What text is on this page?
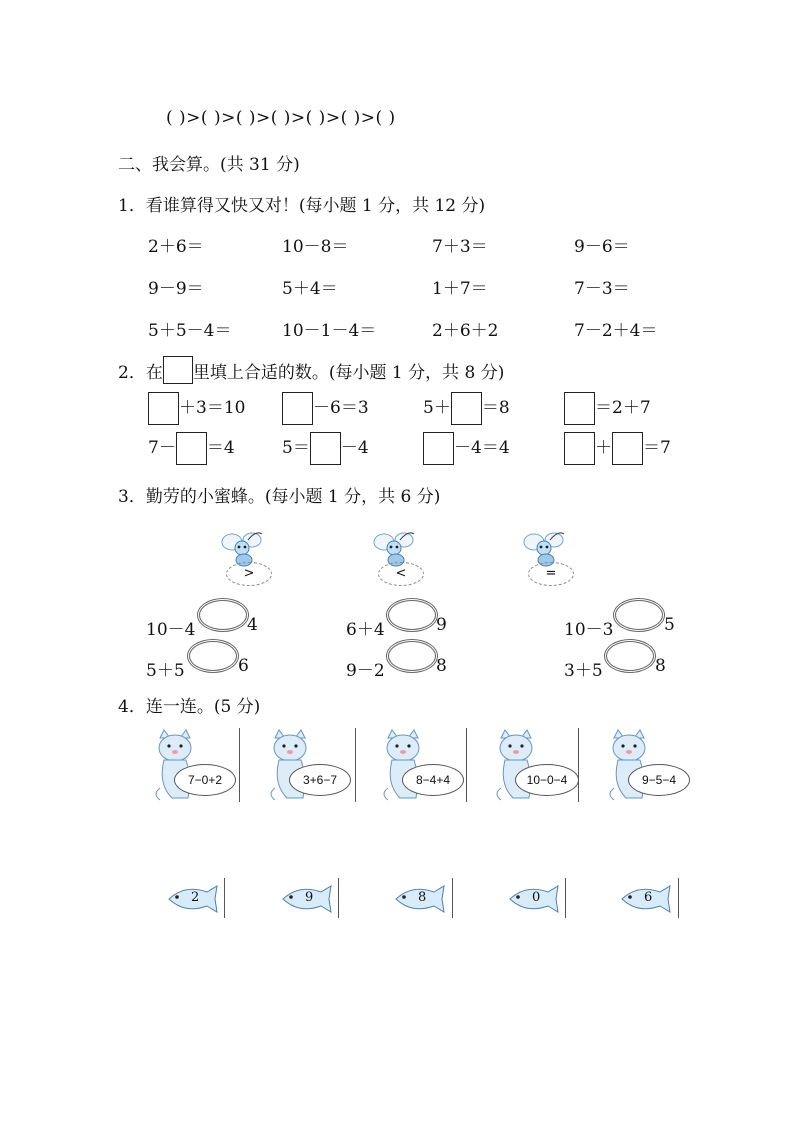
( )>( )>( )>( )>( )>( )>( )
二、我会算。(共 31 分)
1．看谁算得又快又对！(每小题 1 分，共 12 分)
2＋6＝	10－8＝	7＋3＝	9－6＝
9－9＝	5＋4＝	1＋7＝	7－3＝
5＋5－4＝	10－1－4＝	2＋6＋2	7－2＋4＝
2．在 里填上合适的数。(每小题 1 分，共 8 分)
＋3＝10	－6＝3	5＋ ＝8	＝2＋7
7－ ＝4	5＝ －4	－4＝4	＋ ＝7
3．勤劳的小蜜蜂。(每小题 1 分，共 6 分)
>	<	=
10－4	4	6＋4	9	10－3	5
5＋5	6	9－2	8	3＋5	8
4．连一连。(5 分)
7−0+2	3+6−7	8−4+4	10−0−4	9−5−4
2	9	8	0	6
